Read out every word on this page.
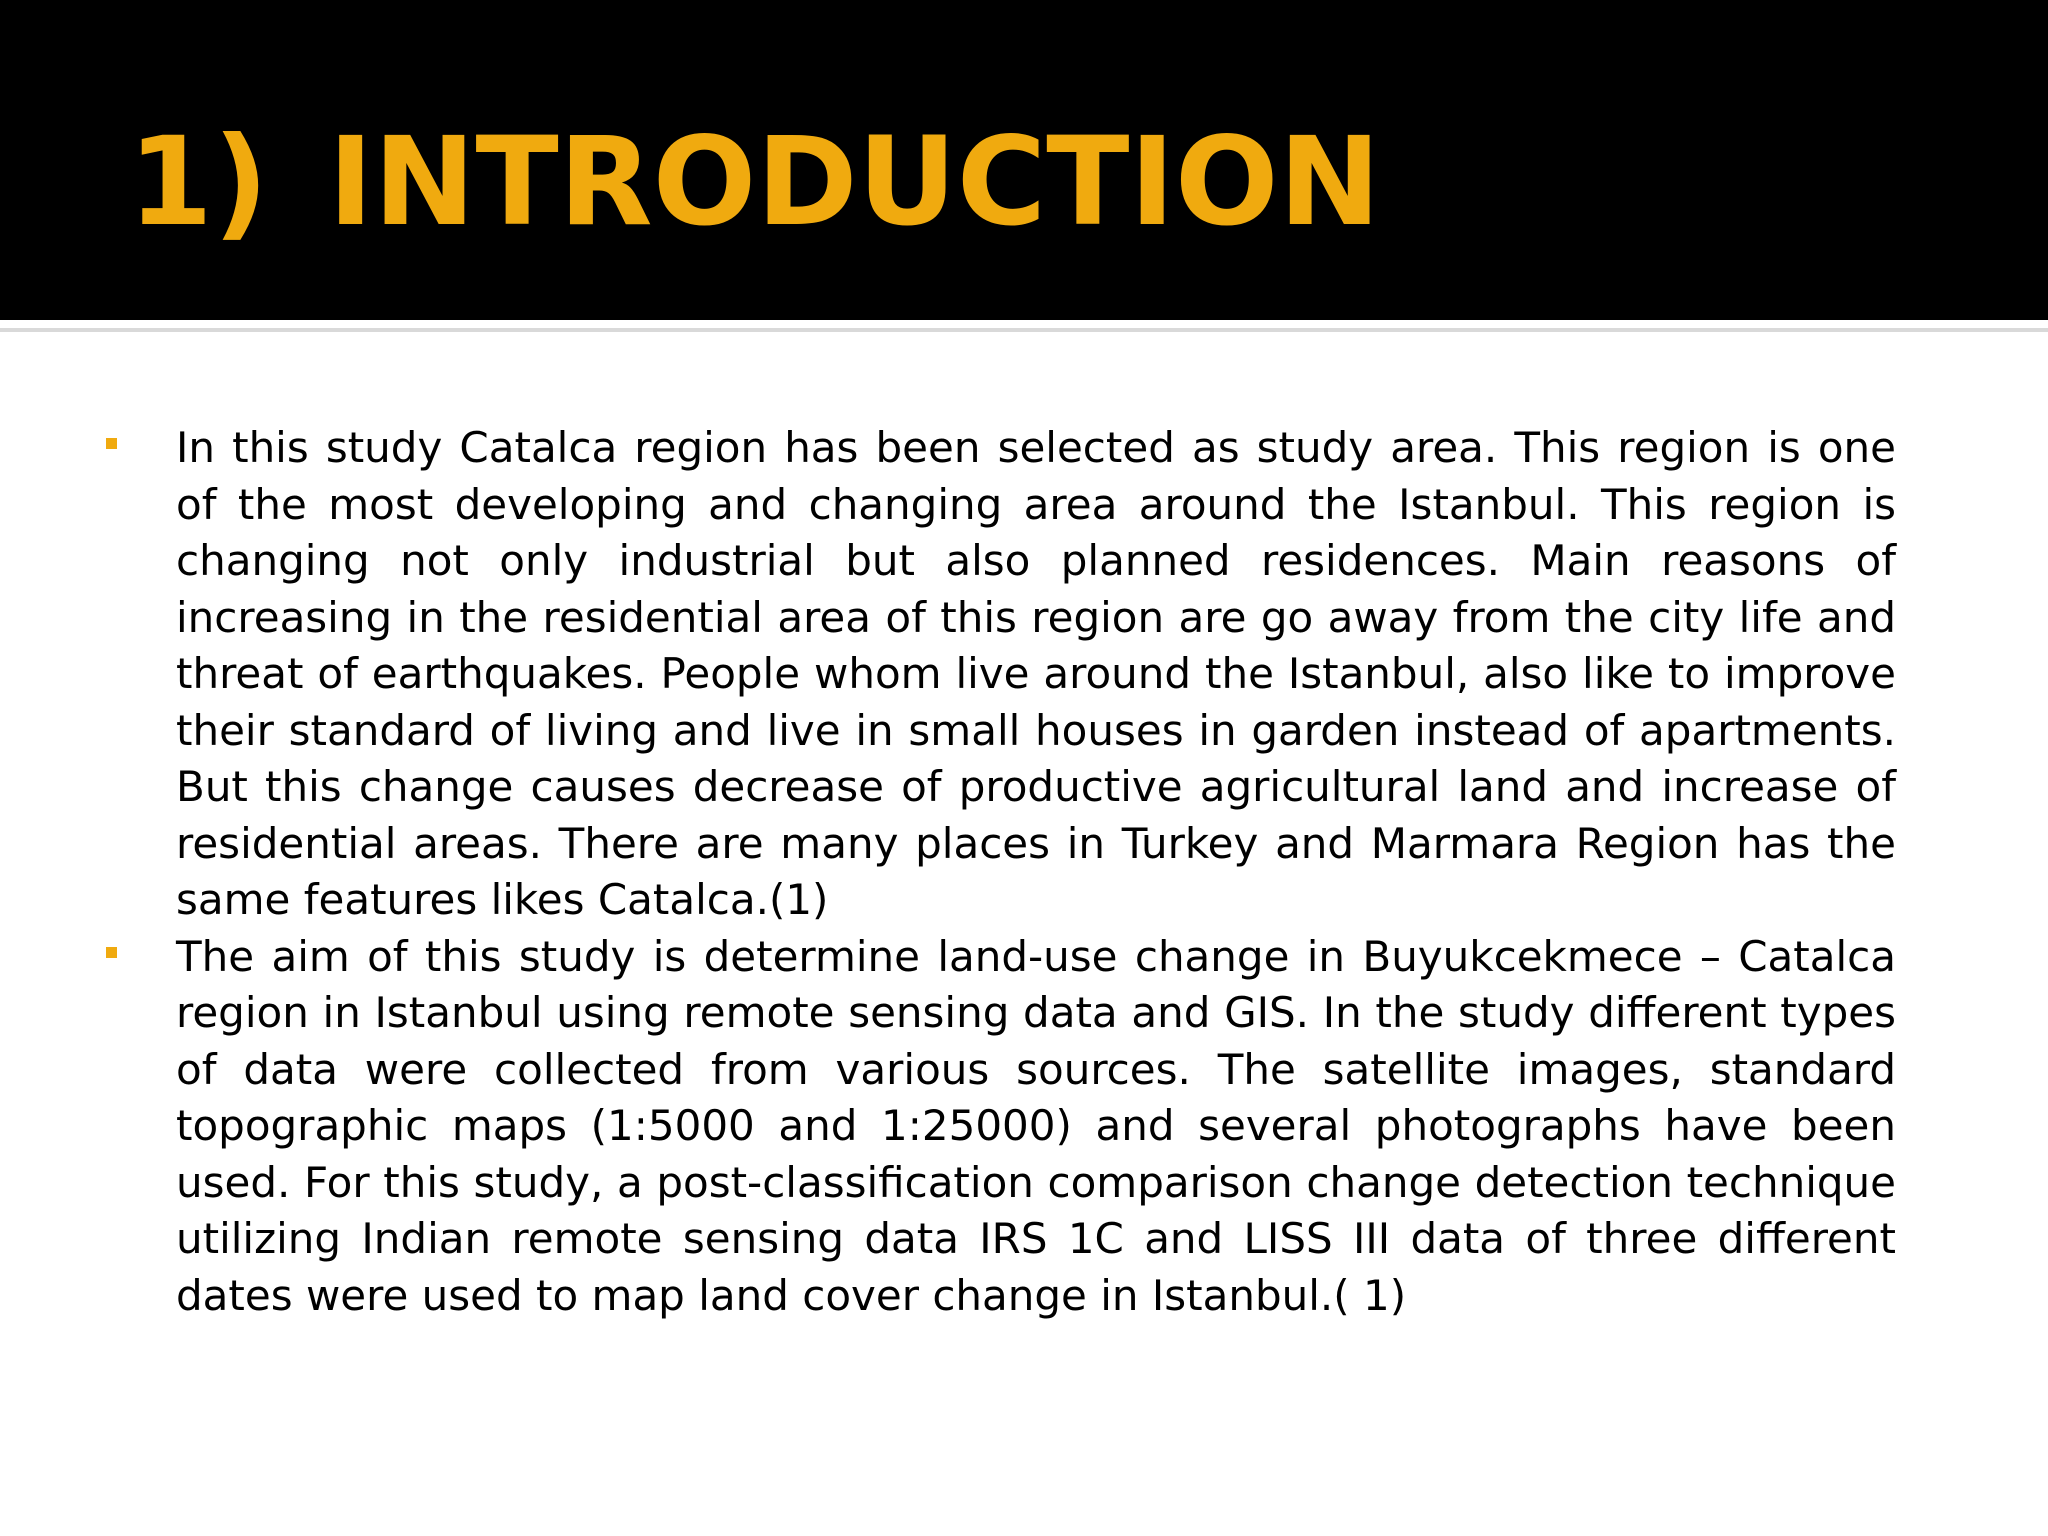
1) INTRODUCTION

In this study Catalca region has been selected as study area. This region is one of the most developing and changing area around the Istanbul. This region is changing not only industrial but also planned residences. Main reasons of increasing in the residential area of this region are go away from the city life and threat of earthquakes. People whom live around the Istanbul, also like to improve their standard of living and live in small houses in garden instead of apartments. But this change causes decrease of productive agricultural land and increase of residential areas. There are many places in Turkey and Marmara Region has the same features likes Catalca.(1)

The aim of this study is determine land-use change in Buyukcekmece – Catalca region in Istanbul using remote sensing data and GIS. In the study different types of data were collected from various sources. The satellite images, standard topographic maps (1:5000 and 1:25000) and several photographs have been used. For this study, a post-classification comparison change detection technique utilizing Indian remote sensing data IRS 1C and LISS III data of three different dates were used to map land cover change in Istanbul.( 1)
